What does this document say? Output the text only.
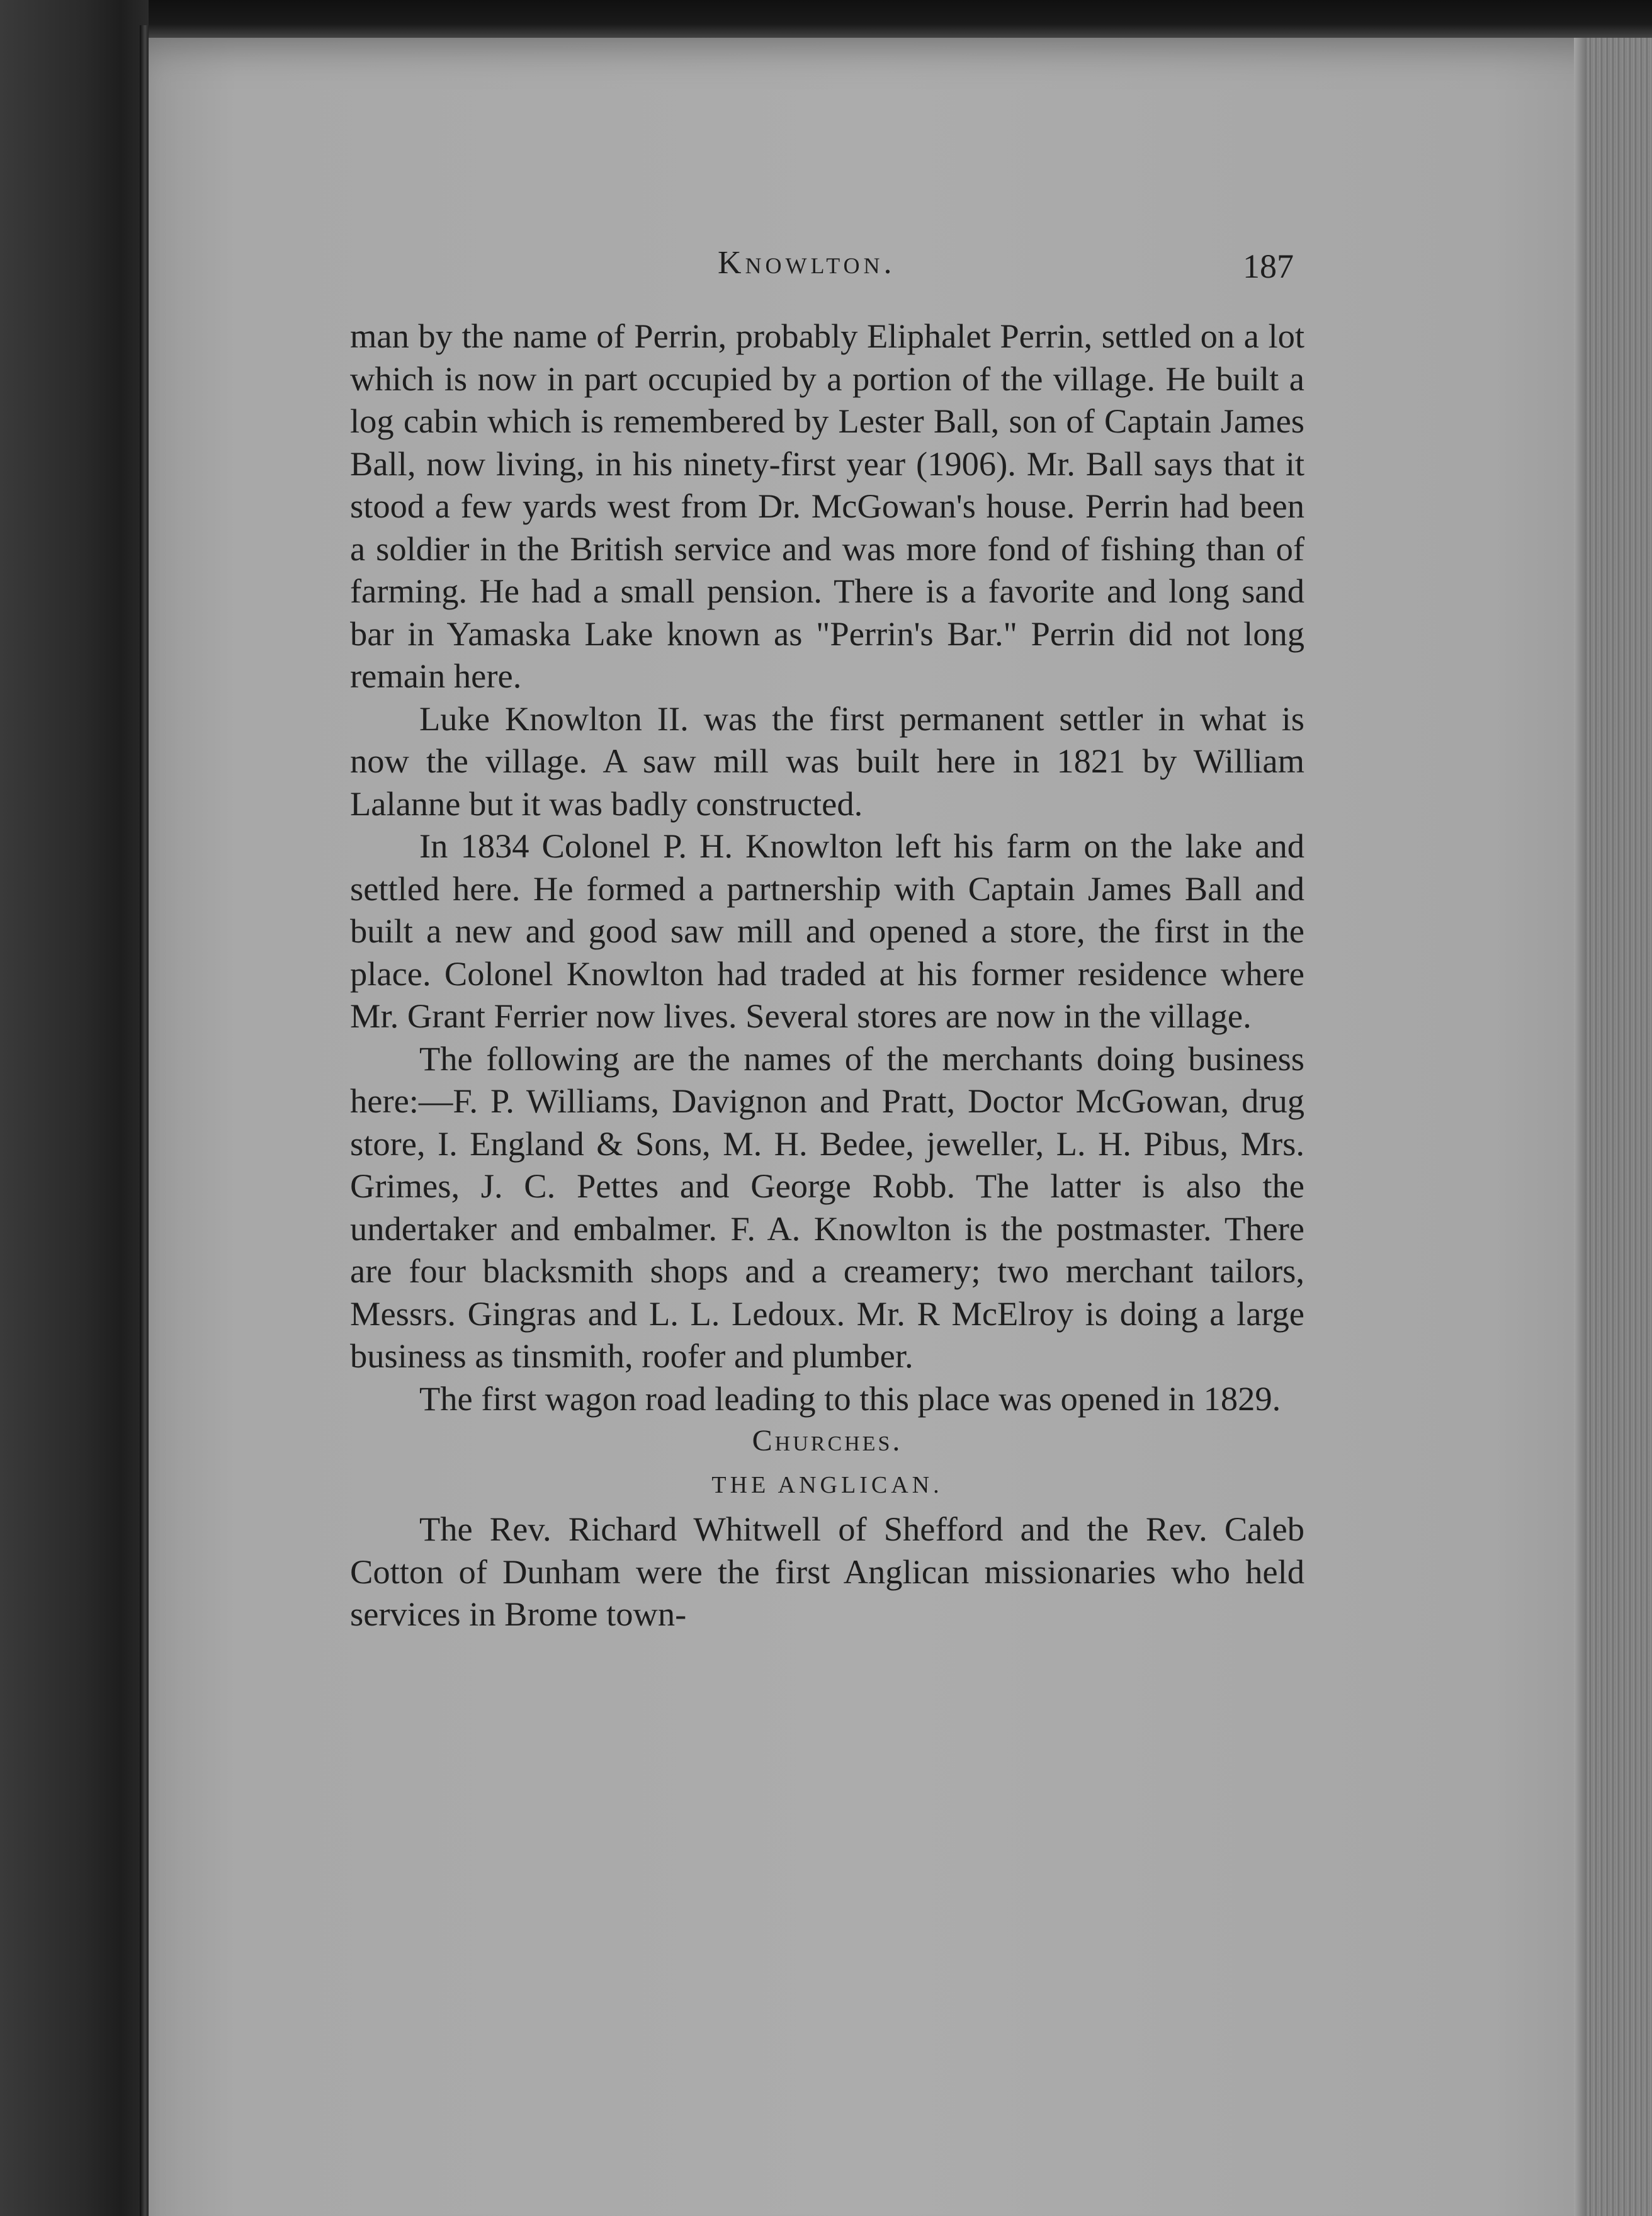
Knowlton.	187

man by the name of Perrin, probably Eliphalet Perrin, settled on a lot which is now in part occupied by a portion of the village. He built a log cabin which is remembered by Lester Ball, son of Captain James Ball, now living, in his ninety-first year (1906). Mr. Ball says that it stood a few yards west from Dr. McGowan's house. Perrin had been a soldier in the British service and was more fond of fishing than of farming. He had a small pension. There is a favorite and long sand bar in Yamaska Lake known as "Perrin's Bar." Perrin did not long remain here.

Luke Knowlton II. was the first permanent settler in what is now the village. A saw mill was built here in 1821 by William Lalanne but it was badly constructed.

In 1834 Colonel P. H. Knowlton left his farm on the lake and settled here. He formed a partnership with Captain James Ball and built a new and good saw mill and opened a store, the first in the place. Colonel Knowlton had traded at his former residence where Mr. Grant Ferrier now lives. Several stores are now in the village.

The following are the names of the merchants doing business here:—F. P. Williams, Davignon and Pratt, Doctor McGowan, drug store, I. England & Sons, M. H. Bedee, jeweller, L. H. Pibus, Mrs. Grimes, J. C. Pettes and George Robb. The latter is also the undertaker and embalmer. F. A. Knowlton is the postmaster. There are four blacksmith shops and a creamery; two merchant tailors, Messrs. Gingras and L. L. Ledoux. Mr. R McElroy is doing a large business as tinsmith, roofer and plumber.

The first wagon road leading to this place was opened in 1829.

Churches.

THE ANGLICAN.

The Rev. Richard Whitwell of Shefford and the Rev. Caleb Cotton of Dunham were the first Anglican missionaries who held services in Brome town-
